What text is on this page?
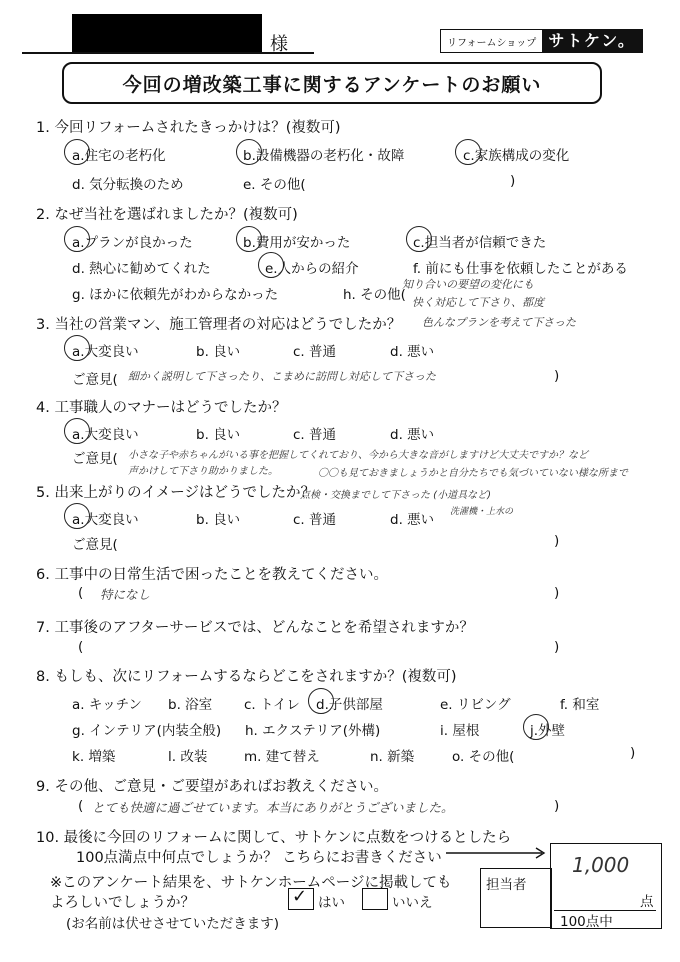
様	リフォームショップ サトケン。
今回の増改築工事に関するアンケートのお願い
1. 今回リフォームされたきっかけは？(複数可)
a.住宅の老朽化	b.設備機器の老朽化・故障	c.家族構成の変化
d. 気分転換のため	e. その他(	)
2. なぜ当社を選ばれましたか？(複数可)
a.プランが良かった	b.費用が安かった	c.担当者が信頼できた
d. 熱心に勧めてくれた	e.人からの紹介	f. 前にも仕事を依頼したことがある
g. ほかに依頼先がわからなかった	h. その他(
知り合いの要望の変化にも
快く対応して下さり、都度
色んなプランを考えて下さった
3. 当社の営業マン、施工管理者の対応はどうでしたか？
a.大変良い	b. 良い	c. 普通	d. 悪い
ご意見( 細かく説明して下さったり、こまめに訪問し対応して下さった	)
4. 工事職人のマナーはどうでしたか？
a.大変良い	b. 良い	c. 普通	d. 悪い
ご意見( 小さな子や赤ちゃんがいる事を把握してくれており、今から大きな音がしますけど大丈夫ですか？など
声かけして下さり助かりました。	〇〇も見ておきましょうかと自分たちでも気づいていない様な所まで
点検・交換までして下さった (小道具など)
洗濯機・上水の
5. 出来上がりのイメージはどうでしたか？
a.大変良い	b. 良い	c. 普通	d. 悪い
ご意見(	)
6. 工事中の日常生活で困ったことを教えてください。
( 特になし	)
7. 工事後のアフターサービスでは、どんなことを希望されますか？
(	)
8. もしも、次にリフォームするならどこをされますか？(複数可)
a. キッチン b. 浴室 c. トイレ d.子供部屋	e. リビング	f. 和室
g. インテリア(内装全般) h. エクステリア(外構)	i. 屋根	j.外壁
k. 増築	l. 改装	m. 建て替え	n. 新築	o. その他(	)
9. その他、ご意見・ご要望があればお教えください。
( とても快適に過ごせています。本当にありがとうございました。	)
10. 最後に今回のリフォームに関して、サトケンに点数をつけるとしたら
100点満点中何点でしょうか？ こちらにお書きください	1,000
点
100点中
担当者
※このアンケート結果を、サトケンホームページに掲載しても
よろしいでしょうか？
(お名前は伏せさせていただきます)
✓ はい	いいえ
